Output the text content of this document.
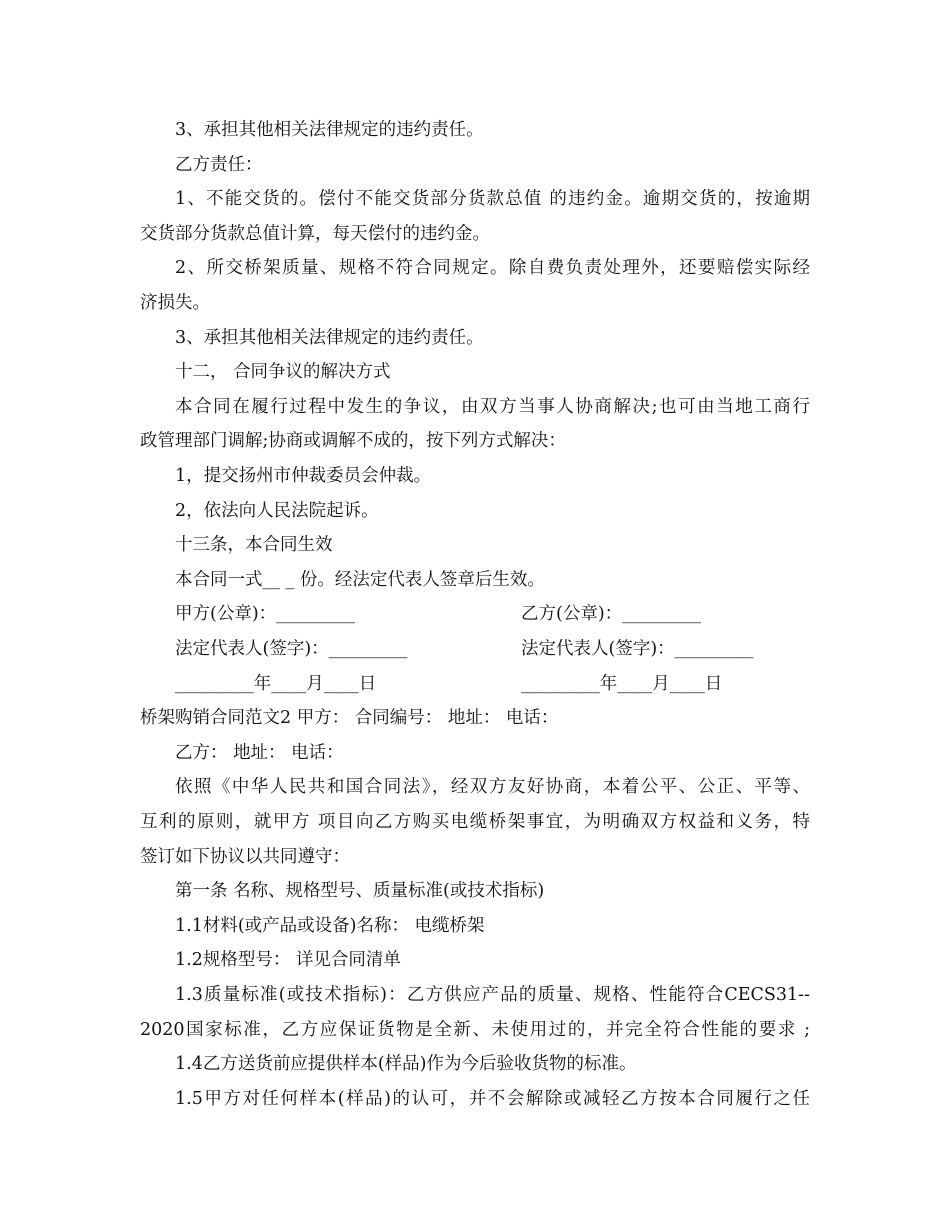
3、承担其他相关法律规定的违约责任。
乙方责任：
1、不能交货的。偿付不能交货部分货款总值 的违约金。逾期交货的，按逾期
交货部分货款总值计算，每天偿付的违约金。
2、所交桥架质量、规格不符合同规定。除自费负责处理外，还要赔偿实际经
济损失。
3、承担其他相关法律规定的违约责任。
十二， 合同争议的解决方式
本合同在履行过程中发生的争议，由双方当事人协商解决;也可由当地工商行
政管理部门调解;协商或调解不成的，按下列方式解决：
1，提交扬州市仲裁委员会仲裁。
2，依法向人民法院起诉。
十三条，本合同生效
本合同一式__ _ 份。经法定代表人签章后生效。
甲方(公章)：_________	乙方(公章)：_________
法定代表人(签字)：_________	法定代表人(签字)：_________
_________年____月____日	_________年____月____日
桥架购销合同范文2 甲方： 合同编号： 地址： 电话：
乙方： 地址： 电话：
依照《中华人民共和国合同法》，经双方友好协商，本着公平、公正、平等、
互利的原则，就甲方 项目向乙方购买电缆桥架事宜，为明确双方权益和义务，特
签订如下协议以共同遵守：
第一条 名称、规格型号、质量标准(或技术指标)
1.1材料(或产品或设备)名称： 电缆桥架
1.2规格型号： 详见合同清单
1.3质量标准(或技术指标)：乙方供应产品的质量、规格、性能符合CECS31--
2020国家标准，乙方应保证货物是全新、未使用过的，并完全符合性能的要求 ;
1.4乙方送货前应提供样本(样品)作为今后验收货物的标准。
1.5甲方对任何样本(样品)的认可，并不会解除或减轻乙方按本合同履行之任
